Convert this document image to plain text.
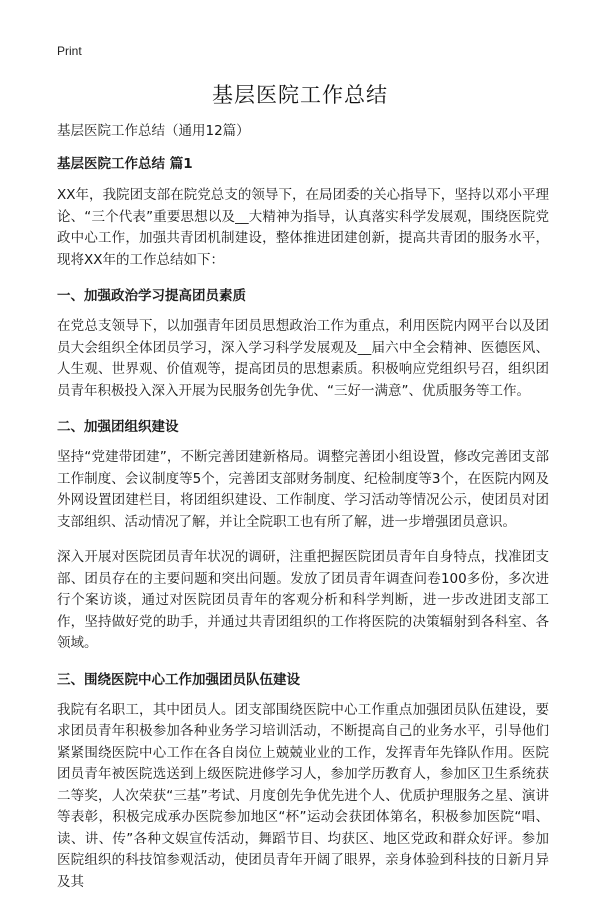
Print
基层医院工作总结

基层医院工作总结（通用12篇）

基层医院工作总结 篇1

XX年，我院团支部在院党总支的领导下，在局团委的关心指导下，坚持以邓小平理论、“三个代表”重要思想以及__大精神为指导，认真落实科学发展观，围绕医院党政中心工作，加强共青团机制建设，整体推进团建创新，提高共青团的服务水平，现将XX年的工作总结如下：

一、加强政治学习提高团员素质

在党总支领导下，以加强青年团员思想政治工作为重点，利用医院内网平台以及团员大会组织全体团员学习，深入学习科学发展观及__届六中全会精神、医德医风、人生观、世界观、价值观等，提高团员的思想素质。积极响应党组织号召，组织团员青年积极投入深入开展为民服务创先争优、“三好一满意”、优质服务等工作。

二、加强团组织建设

坚持“党建带团建”，不断完善团建新格局。调整完善团小组设置，修改完善团支部工作制度、会议制度等5个，完善团支部财务制度、纪检制度等3个，在医院内网及外网设置团建栏目，将团组织建设、工作制度、学习活动等情况公示，使团员对团支部组织、活动情况了解，并让全院职工也有所了解，进一步增强团员意识。

深入开展对医院团员青年状况的调研，注重把握医院团员青年自身特点，找准团支部、团员存在的主要问题和突出问题。发放了团员青年调查问卷100多份，多次进行个案访谈，通过对医院团员青年的客观分析和科学判断，进一步改进团支部工作，坚持做好党的助手，并通过共青团组织的工作将医院的决策辐射到各科室、各领域。

三、围绕医院中心工作加强团员队伍建设

我院有名职工，其中团员人。团支部围绕医院中心工作重点加强团员队伍建设，要求团员青年积极参加各种业务学习培训活动，不断提高自己的业务水平，引导他们紧紧围绕医院中心工作在各自岗位上兢兢业业的工作，发挥青年先锋队作用。医院团员青年被医院选送到上级医院进修学习人，参加学历教育人，参加区卫生系统获二等奖，人次荣获“三基”考试、月度创先争优先进个人、优质护理服务之星、演讲等表彰，积极完成承办医院参加地区“杯”运动会获团体第名，积极参加医院“唱、读、讲、传”各种文娱宣传活动，舞蹈节目、均获区、地区党政和群众好评。参加医院组织的科技馆参观活动，使团员青年开阔了眼界，亲身体验到科技的日新月异及其
